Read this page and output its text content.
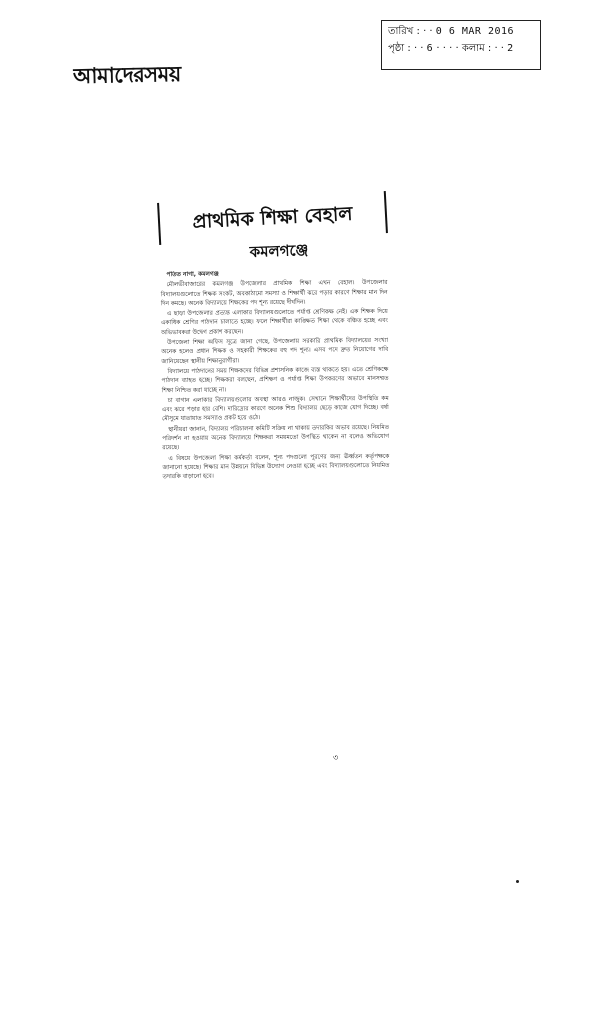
তারিখ : · · 0 6 MAR 2016
পৃষ্ঠা : · · 6 · · · · কলাম : · · 2
আমাদেরসময়
প্রাথমিক শিক্ষা বেহাল
কমলগঞ্জে

পতিত নাগা, কমলগঞ্জ

মৌলভীবাজারের কমলগঞ্জ উপজেলার প্রাথমিক শিক্ষা এখন বেহাল। উপজেলার বিদ্যালয়গুলোতে শিক্ষক সংকট, অবকাঠামো সমস্যা ও শিক্ষার্থী ঝরে পড়ার কারণে শিক্ষার মান দিন দিন কমছে। অনেক বিদ্যালয়ে শিক্ষকের পদ শূন্য রয়েছে দীর্ঘদিন।

এ ছাড়া উপজেলার প্রত্যন্ত এলাকার বিদ্যালয়গুলোতে পর্যাপ্ত শ্রেণিকক্ষ নেই। এক শিক্ষক দিয়ে একাধিক শ্রেণির পাঠদান চালাতে হচ্ছে। ফলে শিক্ষার্থীরা কাঙ্ক্ষিত শিক্ষা থেকে বঞ্চিত হচ্ছে এবং অভিভাবকরা উদ্বেগ প্রকাশ করছেন।

উপজেলা শিক্ষা অফিস সূত্রে জানা গেছে, উপজেলায় সরকারি প্রাথমিক বিদ্যালয়ের সংখ্যা অনেক হলেও প্রধান শিক্ষক ও সহকারী শিক্ষকের বহু পদ শূন্য। এসব পদে দ্রুত নিয়োগের দাবি জানিয়েছেন স্থানীয় শিক্ষানুরাগীরা।

বিদ্যালয়ে পাঠদানের সময় শিক্ষকদের বিভিন্ন প্রশাসনিক কাজে ব্যস্ত থাকতে হয়। এতে শ্রেণিকক্ষে পাঠদান ব্যাহত হচ্ছে। শিক্ষকরা বলছেন, প্রশিক্ষণ ও পর্যাপ্ত শিক্ষা উপকরণের অভাবে মানসম্মত শিক্ষা নিশ্চিত করা যাচ্ছে না।

চা বাগান এলাকার বিদ্যালয়গুলোর অবস্থা আরও নাজুক। সেখানে শিক্ষার্থীদের উপস্থিতি কম এবং ঝরে পড়ার হার বেশি। দারিদ্র্যের কারণে অনেক শিশু বিদ্যালয় ছেড়ে কাজে যোগ দিচ্ছে। বর্ষা মৌসুমে যাতায়াত সমস্যাও প্রকট হয়ে ওঠে।

স্থানীয়রা জানান, বিদ্যালয় পরিচালনা কমিটি সক্রিয় না থাকায় তদারকির অভাব রয়েছে। নিয়মিত পরিদর্শন না হওয়ায় অনেক বিদ্যালয়ে শিক্ষকরা সময়মতো উপস্থিত থাকেন না বলেও অভিযোগ রয়েছে।

এ বিষয়ে উপজেলা শিক্ষা কর্মকর্তা বলেন, শূন্য পদগুলো পূরণের জন্য ঊর্ধ্বতন কর্তৃপক্ষকে জানানো হয়েছে। শিক্ষার মান উন্নয়নে বিভিন্ন উদ্যোগ নেওয়া হচ্ছে এবং বিদ্যালয়গুলোতে নিয়মিত তদারকি বাড়ানো হবে।

৩
